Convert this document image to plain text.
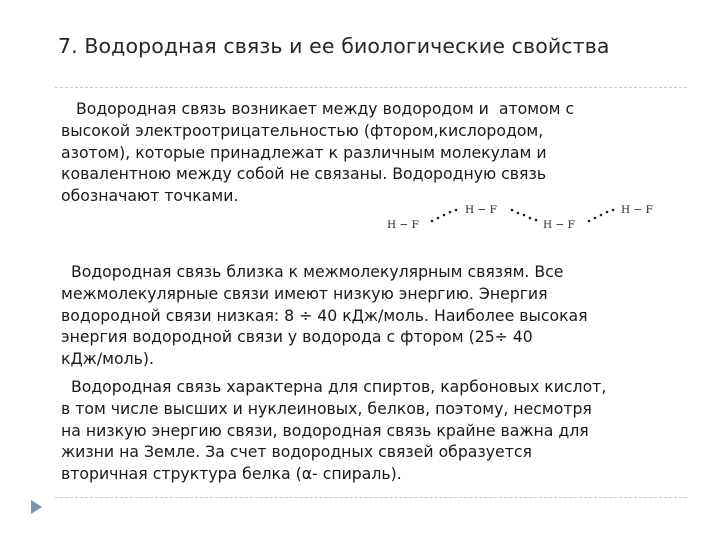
7. Водородная связь и ее биологические свойства
Водородная связь возникает между водородом и  атомом с
высокой электроотрицательностью (фтором,кислородом,
азотом), которые принадлежат к различным молекулам и
ковалентною между собой не связаны. Водородную связь
обозначают точками.
H − F
H − F
H − F
H − F
Водородная связь близка к межмолекулярным связям. Все
межмолекулярные связи имеют низкую энергию. Энергия
водородной связи низкая: 8 ÷ 40 кДж/моль. Наиболее высокая
энергия водородной связи у водорода с фтором (25÷ 40
кДж/моль).
Водородная связь характерна для спиртов, карбоновых кислот,
в том числе высших и нуклеиновых, белков, поэтому, несмотря
на низкую энергию связи, водородная связь крайне важна для
жизни на Земле. За счет водородных связей образуется
вторичная структура белка (α- спираль).
